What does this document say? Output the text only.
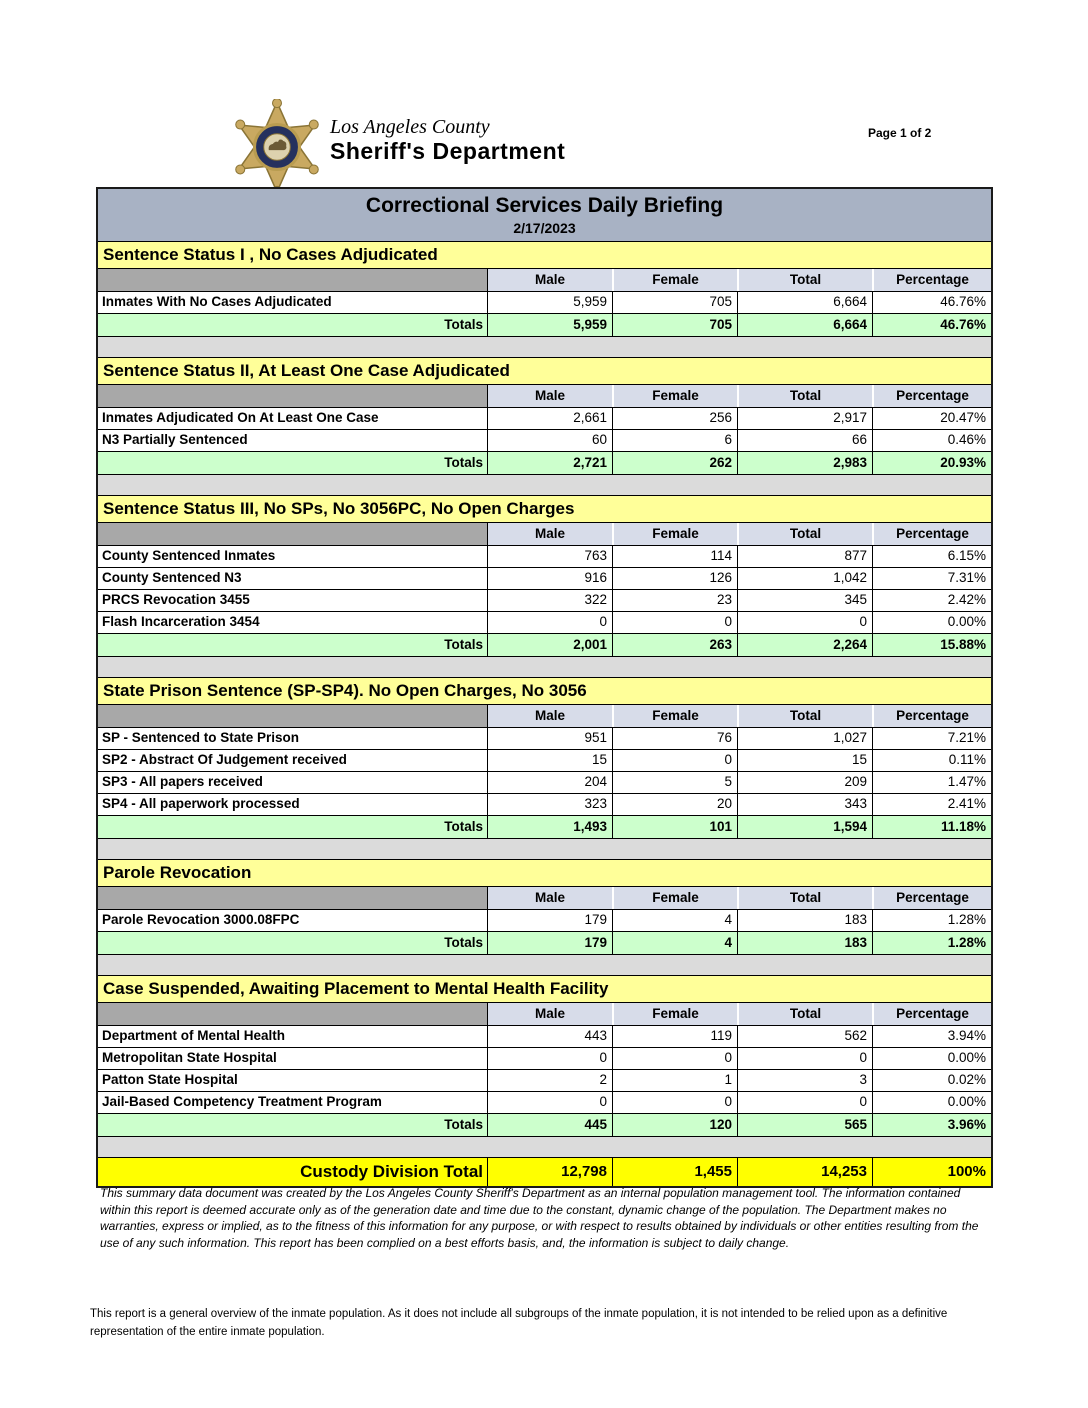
Los Angeles County
Sheriff's Department
Page 1 of 2
Correctional Services Daily Briefing
2/17/2023
Sentence Status I , No Cases Adjudicated
Male	Female	Total	Percentage
Inmates With No Cases Adjudicated	5,959	705	6,664	46.76%
Totals	5,959	705	6,664	46.76%
Sentence Status II, At Least One Case Adjudicated
Male	Female	Total	Percentage
Inmates Adjudicated On At Least One Case	2,661	256	2,917	20.47%
N3 Partially Sentenced	60	6	66	0.46%
Totals	2,721	262	2,983	20.93%
Sentence Status III, No SPs, No 3056PC, No Open Charges
Male	Female	Total	Percentage
County Sentenced Inmates	763	114	877	6.15%
County Sentenced N3	916	126	1,042	7.31%
PRCS Revocation 3455	322	23	345	2.42%
Flash Incarceration 3454	0	0	0	0.00%
Totals	2,001	263	2,264	15.88%
State Prison Sentence (SP-SP4). No Open Charges, No 3056
Male	Female	Total	Percentage
SP - Sentenced to State Prison	951	76	1,027	7.21%
SP2 - Abstract Of Judgement received	15	0	15	0.11%
SP3 - All papers received	204	5	209	1.47%
SP4 - All paperwork processed	323	20	343	2.41%
Totals	1,493	101	1,594	11.18%
Parole Revocation
Male	Female	Total	Percentage
Parole Revocation 3000.08FPC	179	4	183	1.28%
Totals	179	4	183	1.28%
Case Suspended, Awaiting Placement to Mental Health Facility
Male	Female	Total	Percentage
Department of Mental Health	443	119	562	3.94%
Metropolitan State Hospital	0	0	0	0.00%
Patton State Hospital	2	1	3	0.02%
Jail-Based Competency Treatment Program	0	0	0	0.00%
Totals	445	120	565	3.96%
Custody Division Total	12,798	1,455	14,253	100%

This summary data document was created by the Los Angeles County Sheriff's Department as an internal population management tool. The information contained within this report is deemed accurate only as of the generation date and time due to the constant, dynamic change of the population. The Department makes no warranties, express or implied, as to the fitness of this information for any purpose, or with respect to results obtained by individuals or other entities resulting from the use of any such information. This report has been complied on a best efforts basis, and, the information is subject to daily change.

This report is a general overview of the inmate population. As it does not include all subgroups of the inmate population, it is not intended to be relied upon as a definitive representation of the entire inmate population.
